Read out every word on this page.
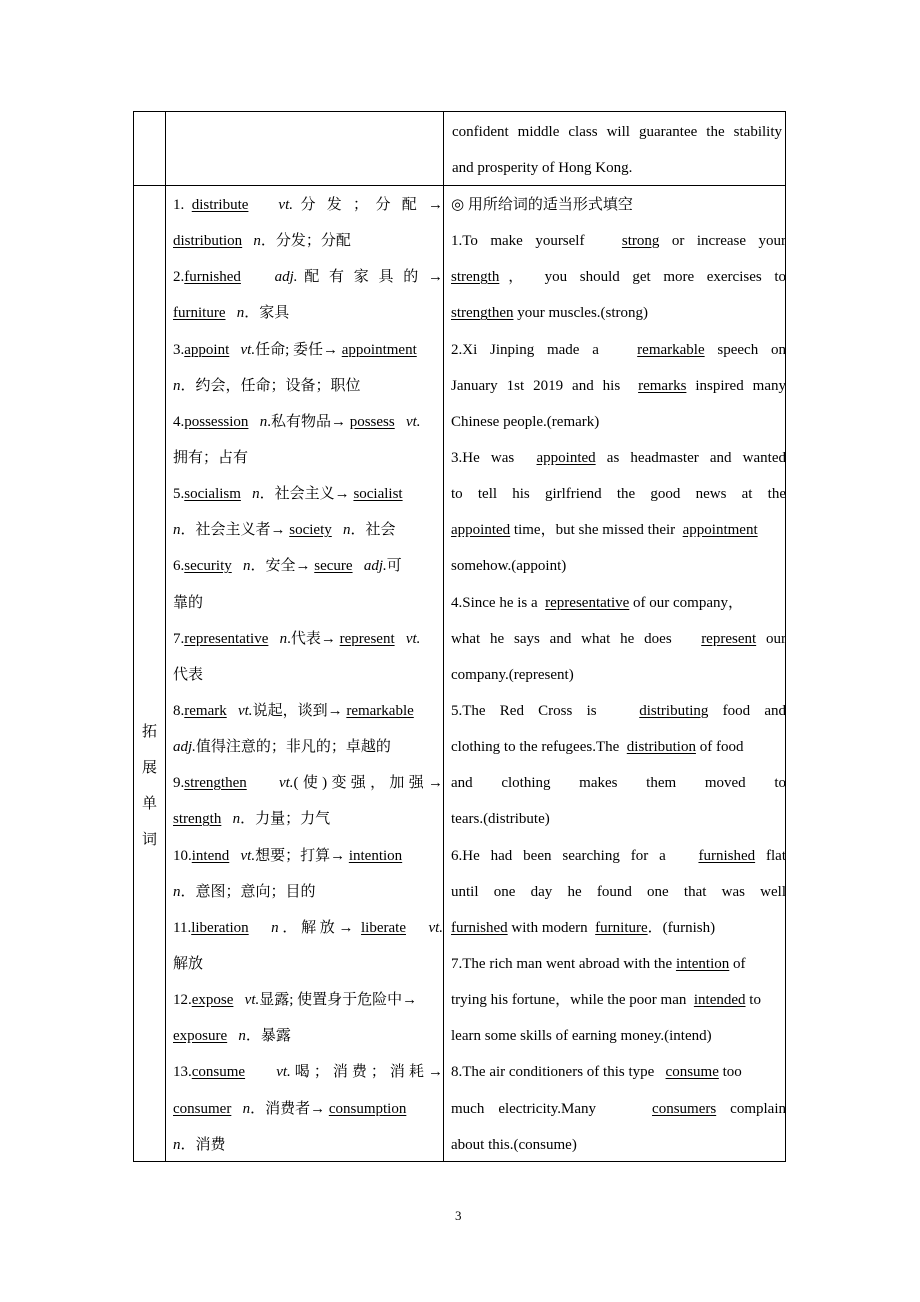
confident middle class will guarantee the stability
and prosperity of Hong Kong.
拓
展
单
词
1. distribute vt. 分 发 ； 分 配 →
distribution n．分发；分配
2.furnished adj. 配 有 家 具 的 →
furniture n．家具
3.appoint vt.任命; 委任→ appointment
n．约会，任命；设备；职位
4.possession n.私有物品→ possess vt.
拥有；占有
5.socialism n．社会主义→ socialist
n．社会主义者→ society n．社会
6.security n．安全→ secure adj.可
靠的
7.representative n.代表→ represent vt.
代表
8.remark vt.说起，谈到→ remarkable
adj.值得注意的；非凡的；卓越的
9.strengthen vt.(使)变强，加强→
strength n．力量；力气
10.intend vt.想要；打算→ intention
n．意图；意向；目的
11.liberation n．解放→ liberate vt.
解放
12.expose vt.显露; 使置身于危险中→
exposure n．暴露
13.consume vt.喝；消费；消耗→
consumer n．消费者→ consumption
n．消费
◎ 用所给词的适当形式填空
1.To make yourself   strong or increase your
strength， you should get more exercises to
strengthen your muscles.(strong)
2.Xi Jinping made a   remarkable speech on
January 1st 2019 and his  remarks inspired many
Chinese people.(remark)
3.He was  appointed as headmaster and wanted
to tell his girlfriend the good news at the
appointed time，but she missed their  appointment
somehow.(appoint)
4.Since he is a  representative of our company，
what he says and what he does   represent our
company.(represent)
5.The Red Cross is   distributing food and
clothing to the refugees.The  distribution of food
and clothing makes them moved to
tears.(distribute)
6.He had been searching for a   furnished flat
until one day he found one that was well
furnished with modern  furniture．(furnish)
7.The rich man went abroad with the intention of
trying his fortune，while the poor man  intended to
learn some skills of earning money.(intend)
8.The air conditioners of this type   consume too
much electricity.Many    consumers complain
about this.(consume)
3
